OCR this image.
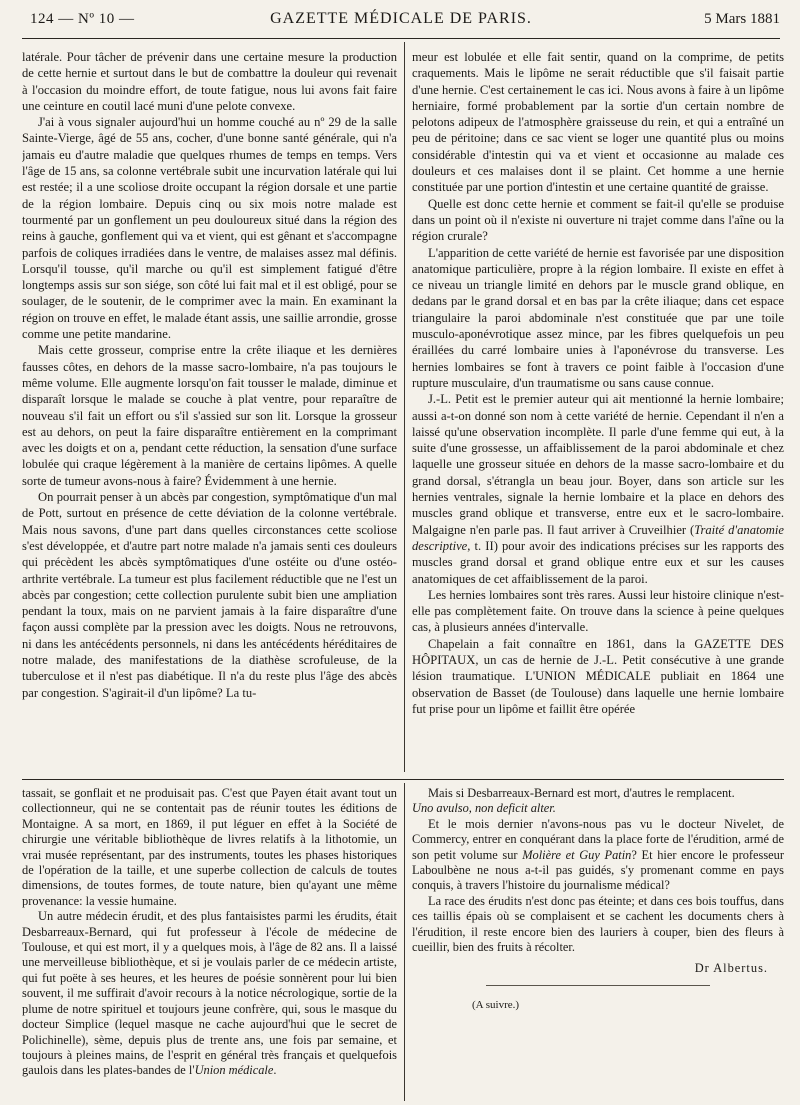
124 — Nº 10 —	GAZETTE MÉDICALE DE PARIS.	5 Mars 1881

latérale. Pour tâcher de prévenir dans une certaine mesure la production de cette hernie et surtout dans le but de combattre la douleur qui revenait à l'occasion du moindre effort, de toute fatigue, nous lui avons fait faire une ceinture en coutil lacé muni d'une pelote convexe.

J'ai à vous signaler aujourd'hui un homme couché au nº 29 de la salle Sainte-Vierge, âgé de 55 ans, cocher, d'une bonne santé générale, qui n'a jamais eu d'autre maladie que quelques rhumes de temps en temps. Vers l'âge de 15 ans, sa colonne vertébrale subit une incurvation latérale qui lui est restée; il a une scoliose droite occupant la région dorsale et une partie de la région lombaire. Depuis cinq ou six mois notre malade est tourmenté par un gonflement un peu douloureux situé dans la région des reins à gauche, gonflement qui va et vient, qui est gênant et s'accompagne parfois de coliques irradiées dans le ventre, de malaises assez mal définis. Lorsqu'il tousse, qu'il marche ou qu'il est simplement fatigué d'être longtemps assis sur son siége, son côté lui fait mal et il est obligé, pour se soulager, de le soutenir, de le comprimer avec la main. En examinant la région on trouve en effet, le malade étant assis, une saillie arrondie, grosse comme une petite mandarine.

Mais cette grosseur, comprise entre la crête iliaque et les dernières fausses côtes, en dehors de la masse sacro-lombaire, n'a pas toujours le même volume. Elle augmente lorsqu'on fait tousser le malade, diminue et disparaît lorsque le malade se couche à plat ventre, pour reparaître de nouveau s'il fait un effort ou s'il s'assied sur son lit. Lorsque la grosseur est au dehors, on peut la faire disparaître entièrement en la comprimant avec les doigts et on a, pendant cette réduction, la sensation d'une surface lobulée qui craque légèrement à la manière de certains lipômes. A quelle sorte de tumeur avons-nous à faire? Évidemment à une hernie.

On pourrait penser à un abcès par congestion, symptômatique d'un mal de Pott, surtout en présence de cette déviation de la colonne vertébrale. Mais nous savons, d'une part dans quelles circonstances cette scoliose s'est développée, et d'autre part notre malade n'a jamais senti ces douleurs qui précèdent les abcès symptômatiques d'une ostéite ou d'une ostéo-arthrite vertébrale. La tumeur est plus facilement réductible que ne l'est un abcès par congestion; cette collection purulente subit bien une ampliation pendant la toux, mais on ne parvient jamais à la faire disparaître d'une façon aussi complète par la pression avec les doigts. Nous ne retrouvons, ni dans les antécédents personnels, ni dans les antécédents héréditaires de notre malade, des manifestations de la diathèse scrofuleuse, de la tuberculose et il n'est pas diabétique. Il n'a du reste plus l'âge des abcès par congestion. S'agirait-il d'un lipôme? La tu-

meur est lobulée et elle fait sentir, quand on la comprime, de petits craquements. Mais le lipôme ne serait réductible que s'il faisait partie d'une hernie. C'est certainement le cas ici. Nous avons à faire à un lipôme herniaire, formé probablement par la sortie d'un certain nombre de pelotons adipeux de l'atmosphère graisseuse du rein, et qui a entraîné un peu de péritoine; dans ce sac vient se loger une quantité plus ou moins considérable d'intestin qui va et vient et occasionne au malade ces douleurs et ces malaises dont il se plaint. Cet homme a une hernie constituée par une portion d'intestin et une certaine quantité de graisse.

Quelle est donc cette hernie et comment se fait-il qu'elle se produise dans un point où il n'existe ni ouverture ni trajet comme dans l'aîne ou la région crurale?

L'apparition de cette variété de hernie est favorisée par une disposition anatomique particulière, propre à la région lombaire. Il existe en effet à ce niveau un triangle limité en dehors par le muscle grand oblique, en dedans par le grand dorsal et en bas par la crête iliaque; dans cet espace triangulaire la paroi abdominale n'est constituée que par une toile musculo-aponévrotique assez mince, par les fibres quelquefois un peu éraillées du carré lombaire unies à l'aponévrose du transverse. Les hernies lombaires se font à travers ce point faible à l'occasion d'une rupture musculaire, d'un traumatisme ou sans cause connue.

J.-L. Petit est le premier auteur qui ait mentionné la hernie lombaire; aussi a-t-on donné son nom à cette variété de hernie. Cependant il n'en a laissé qu'une observation incomplète. Il parle d'une femme qui eut, à la suite d'une grossesse, un affaiblissement de la paroi abdominale et chez laquelle une grosseur située en dehors de la masse sacro-lombaire et du grand dorsal, s'étrangla un beau jour. Boyer, dans son article sur les hernies ventrales, signale la hernie lombaire et la place en dehors des muscles grand oblique et transverse, entre eux et le sacro-lombaire. Malgaigne n'en parle pas. Il faut arriver à Cruveilhier (Traité d'anatomie descriptive, t. II) pour avoir des indications précises sur les rapports des muscles grand dorsal et grand oblique entre eux et sur les causes anatomiques de cet affaiblissement de la paroi.

Les hernies lombaires sont très rares. Aussi leur histoire clinique n'est-elle pas complètement faite. On trouve dans la science à peine quelques cas, à plusieurs années d'intervalle.

Chapelain a fait connaître en 1861, dans la GAZETTE DES HÔPITAUX, un cas de hernie de J.-L. Petit consécutive à une grande lésion traumatique. L'UNION MÉDICALE publiait en 1864 une observation de Basset (de Toulouse) dans laquelle une hernie lombaire fut prise pour un lipôme et faillit être opérée

tassait, se gonflait et ne produisait pas. C'est que Payen était avant tout un collectionneur, qui ne se contentait pas de réunir toutes les éditions de Montaigne. A sa mort, en 1869, il put léguer en effet à la Société de chirurgie une véritable bibliothèque de livres relatifs à la lithotomie, un vrai musée représentant, par des instruments, toutes les phases historiques de l'opération de la taille, et une superbe collection de calculs de toutes dimensions, de toutes formes, de toute nature, bien qu'ayant une même provenance: la vessie humaine.

Un autre médecin érudit, et des plus fantaisistes parmi les érudits, était Desbarreaux-Bernard, qui fut professeur à l'école de médecine de Toulouse, et qui est mort, il y a quelques mois, à l'âge de 82 ans. Il a laissé une merveilleuse bibliothèque, et si je voulais parler de ce médecin artiste, qui fut poëte à ses heures, et les heures de poésie sonnèrent pour lui bien souvent, il me suffirait d'avoir recours à la notice nécrologique, sortie de la plume de notre spirituel et toujours jeune confrère, qui, sous le masque du docteur Simplice (lequel masque ne cache aujourd'hui que le secret de Polichinelle), sème, depuis plus de trente ans, une fois par semaine, et toujours à pleines mains, de l'esprit en général très français et quelquefois gaulois dans les plates-bandes de l'Union médicale.

Mais si Desbarreaux-Bernard est mort, d'autres le remplacent.
Uno avulso, non deficit alter.

Et le mois dernier n'avons-nous pas vu le docteur Nivelet, de Commercy, entrer en conquérant dans la place forte de l'érudition, armé de son petit volume sur Molière et Guy Patin? Et hier encore le professeur Laboulbène ne nous a-t-il pas guidés, s'y promenant comme en pays conquis, à travers l'histoire du journalisme médical?

La race des érudits n'est donc pas éteinte; et dans ces bois touffus, dans ces taillis épais où se complaisent et se cachent les documents chers à l'érudition, il reste encore bien des lauriers à couper, bien des fleurs à cueillir, bien des fruits à récolter.

Dr Albertus.
(A suivre.)
